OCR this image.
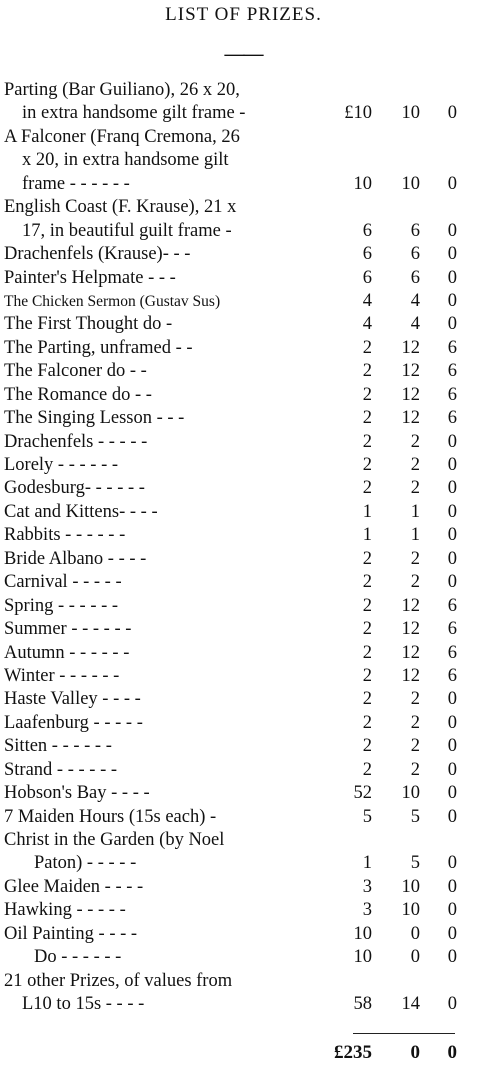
LIST OF PRIZES.
——
Parting (Bar Guiliano), 26 x 20,
in extra handsome gilt frame -	£10	10	0
A Falconer (Franq Cremona, 26
x 20, in extra handsome gilt
frame - - - - - -	10	10	0
English Coast (F. Krause), 21 x
17, in beautiful guilt frame -	6	6	0
Drachenfels (Krause)- - -	6	6	0
Painter's Helpmate - - -	6	6	0
The Chicken Sermon (Gustav Sus)	4	4	0
The First Thought do -	4	4	0
The Parting, unframed - -	2	12	6
The Falconer do - -	2	12	6
The Romance do - -	2	12	6
The Singing Lesson - - -	2	12	6
Drachenfels - - - - -	2	2	0
Lorely - - - - - -	2	2	0
Godesburg- - - - - -	2	2	0
Cat and Kittens- - - -	1	1	0
Rabbits - - - - - -	1	1	0
Bride Albano - - - -	2	2	0
Carnival - - - - -	2	2	0
Spring - - - - - -	2	12	6
Summer - - - - - -	2	12	6
Autumn - - - - - -	2	12	6
Winter - - - - - -	2	12	6
Haste Valley - - - -	2	2	0
Laafenburg - - - - -	2	2	0
Sitten - - - - - -	2	2	0
Strand - - - - - -	2	2	0
Hobson's Bay - - - -	52	10	0
7 Maiden Hours (15s each) -	5	5	0
Christ in the Garden (by Noel
Paton) - - - - -	1	5	0
Glee Maiden - - - -	3	10	0
Hawking - - - - -	3	10	0
Oil Painting - - - -	10	0	0
Do - - - - - -	10	0	0
21 other Prizes, of values from
L10 to 15s - - - -	58	14	0
£235	0	0
